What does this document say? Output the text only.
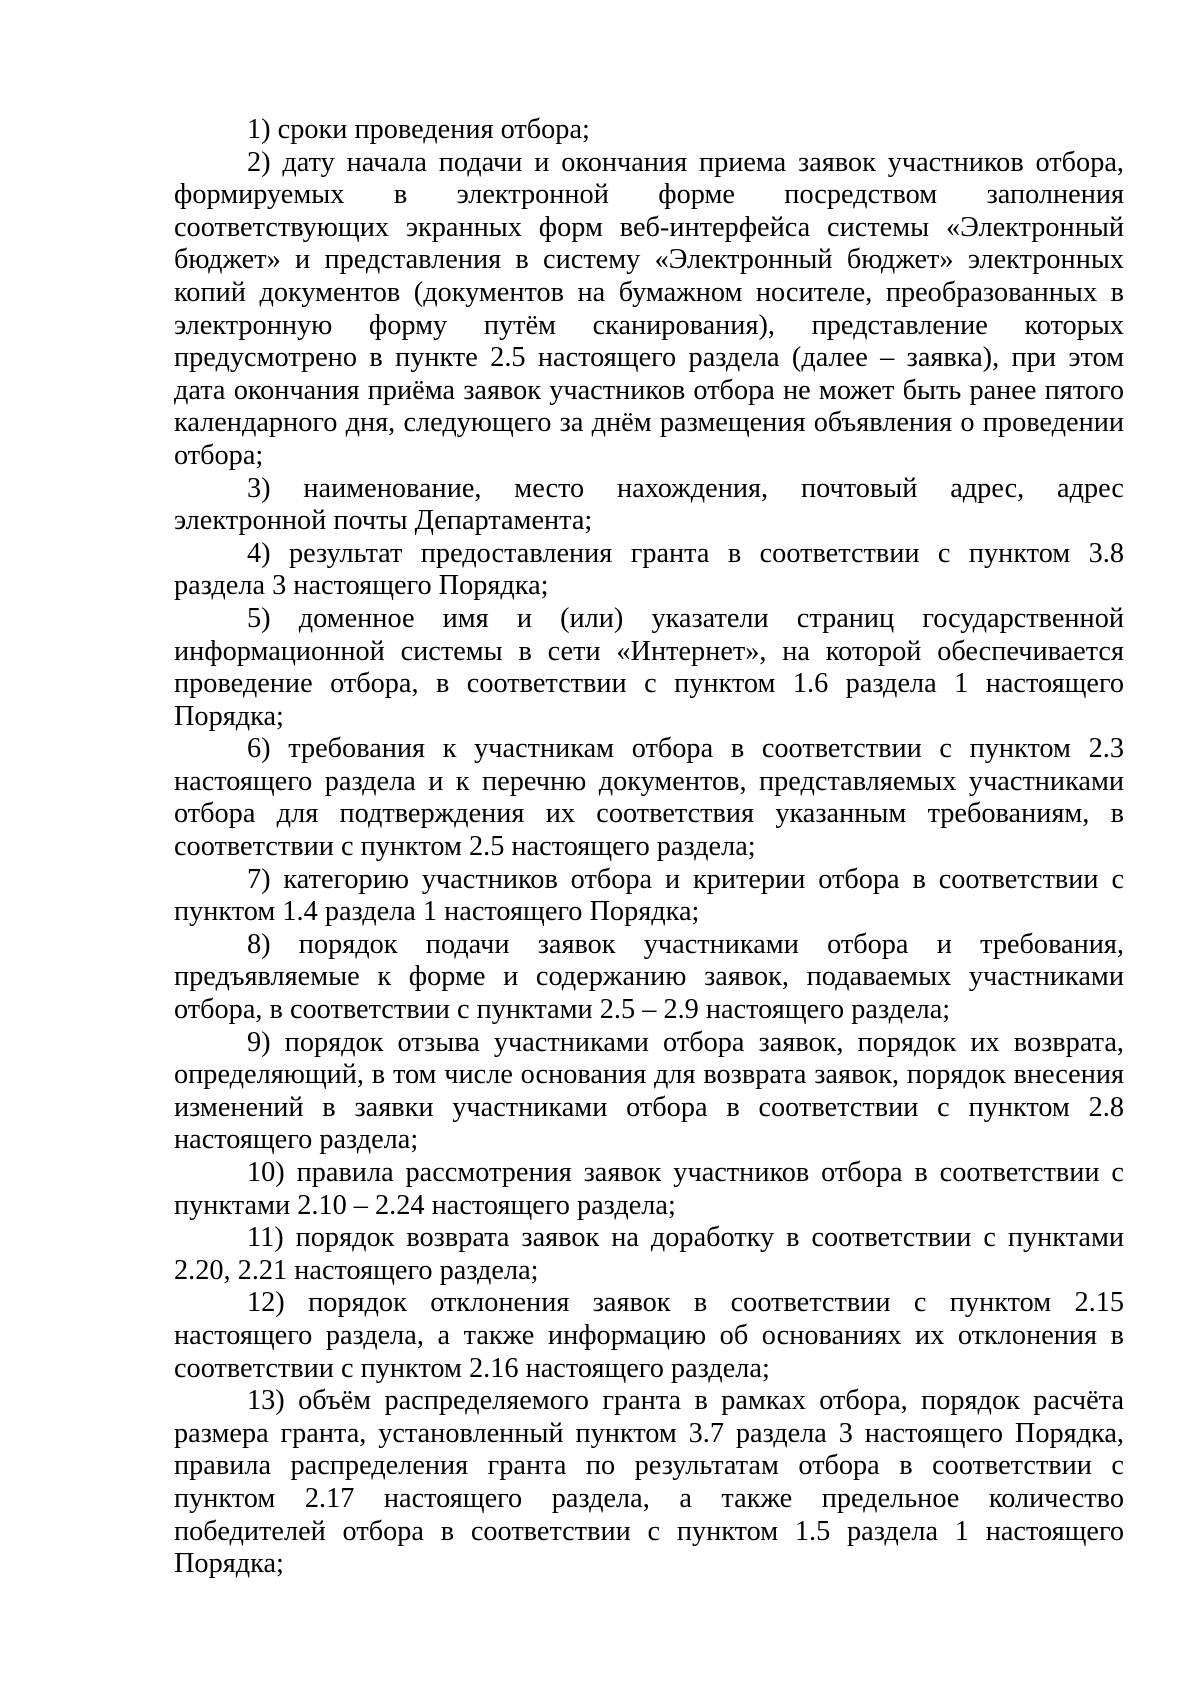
1) сроки проведения отбора;

2) дату начала подачи и окончания приема заявок участников отбора, формируемых в электронной форме посредством заполнения соответствующих экранных форм веб-интерфейса системы «Электронный бюджет» и представления в систему «Электронный бюджет» электронных копий документов (документов на бумажном носителе, преобразованных в электронную форму путём сканирования), представление которых предусмотрено в пункте 2.5 настоящего раздела (далее – заявка), при этом дата окончания приёма заявок участников отбора не может быть ранее пятого календарного дня, следующего за днём размещения объявления о проведении отбора;

3) наименование, место нахождения, почтовый адрес, адрес электронной почты Департамента;

4) результат предоставления гранта в соответствии с пунктом 3.8 раздела 3 настоящего Порядка;

5) доменное имя и (или) указатели страниц государственной информационной системы в сети «Интернет», на которой обеспечивается проведение отбора, в соответствии с пунктом 1.6 раздела 1 настоящего Порядка;

6) требования к участникам отбора в соответствии с пунктом 2.3 настоящего раздела и к перечню документов, представляемых участниками отбора для подтверждения их соответствия указанным требованиям, в соответствии с пунктом 2.5 настоящего раздела;

7) категорию участников отбора и критерии отбора в соответствии с пунктом 1.4 раздела 1 настоящего Порядка;

8) порядок подачи заявок участниками отбора и требования, предъявляемые к форме и содержанию заявок, подаваемых участниками отбора, в соответствии с пунктами 2.5 – 2.9 настоящего раздела;

9) порядок отзыва участниками отбора заявок, порядок их возврата, определяющий, в том числе основания для возврата заявок, порядок внесения изменений в заявки участниками отбора в соответствии с пунктом 2.8 настоящего раздела;

10) правила рассмотрения заявок участников отбора в соответствии с пунктами 2.10 – 2.24 настоящего раздела;

11) порядок возврата заявок на доработку в соответствии с пунктами 2.20, 2.21 настоящего раздела;

12) порядок отклонения заявок в соответствии с пунктом 2.15 настоящего раздела, а также информацию об основаниях их отклонения в соответствии с пунктом 2.16 настоящего раздела;

13) объём распределяемого гранта в рамках отбора, порядок расчёта размера гранта, установленный пунктом 3.7 раздела 3 настоящего Порядка, правила распределения гранта по результатам отбора в соответствии с пунктом 2.17 настоящего раздела, а также предельное количество победителей отбора в соответствии с пунктом 1.5 раздела 1 настоящего Порядка;
